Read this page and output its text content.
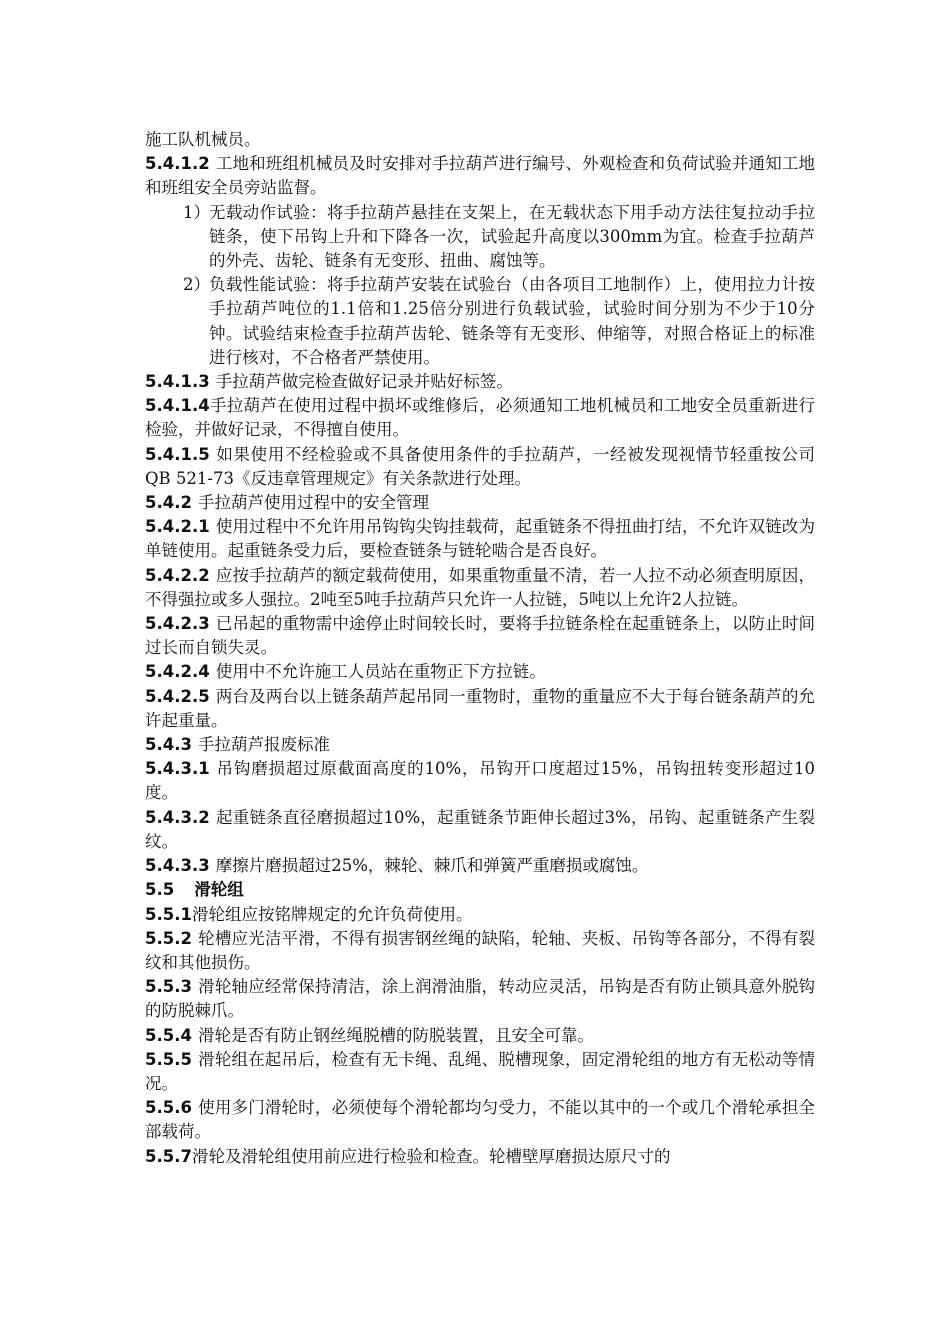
施工队机械员。

5.4.1.2 工地和班组机械员及时安排对手拉葫芦进行编号、外观检查和负荷试验并通知工地和班组安全员旁站监督。

1） 无载动作试验：将手拉葫芦悬挂在支架上，在无载状态下用手动方法往复拉动手拉链条，使下吊钩上升和下降各一次，试验起升高度以300mm为宜。检查手拉葫芦的外壳、齿轮、链条有无变形、扭曲、腐蚀等。
2） 负载性能试验：将手拉葫芦安装在试验台（由各项目工地制作）上，使用拉力计按手拉葫芦吨位的1.1倍和1.25倍分别进行负载试验，试验时间分别为不少于10分钟。试验结束检查手拉葫芦齿轮、链条等有无变形、伸缩等，对照合格证上的标准进行核对，不合格者严禁使用。

5.4.1.3 手拉葫芦做完检查做好记录并贴好标签。

5.4.1.4手拉葫芦在使用过程中损坏或维修后，必须通知工地机械员和工地安全员重新进行检验，并做好记录，不得擅自使用。

5.4.1.5 如果使用不经检验或不具备使用条件的手拉葫芦，一经被发现视情节轻重按公司QB 521-73《反违章管理规定》有关条款进行处理。

5.4.2 手拉葫芦使用过程中的安全管理

5.4.2.1 使用过程中不允许用吊钩钩尖钩挂载荷，起重链条不得扭曲打结，不允许双链改为单链使用。起重链条受力后，要检查链条与链轮啮合是否良好。

5.4.2.2 应按手拉葫芦的额定载荷使用，如果重物重量不清，若一人拉不动必须查明原因，不得强拉或多人强拉。2吨至5吨手拉葫芦只允许一人拉链，5吨以上允许2人拉链。

5.4.2.3 已吊起的重物需中途停止时间较长时，要将手拉链条栓在起重链条上，以防止时间过长而自锁失灵。

5.4.2.4 使用中不允许施工人员站在重物正下方拉链。

5.4.2.5 两台及两台以上链条葫芦起吊同一重物时，重物的重量应不大于每台链条葫芦的允许起重量。

5.4.3 手拉葫芦报废标准

5.4.3.1 吊钩磨损超过原截面高度的10%，吊钩开口度超过15%，吊钩扭转变形超过10度。

5.4.3.2 起重链条直径磨损超过10%，起重链条节距伸长超过3%，吊钩、起重链条产生裂纹。

5.4.3.3 摩擦片磨损超过25%，棘轮、棘爪和弹簧严重磨损或腐蚀。

5.5 滑轮组

5.5.1滑轮组应按铭牌规定的允许负荷使用。

5.5.2 轮槽应光洁平滑，不得有损害钢丝绳的缺陷，轮轴、夹板、吊钩等各部分，不得有裂纹和其他损伤。

5.5.3 滑轮轴应经常保持清洁，涂上润滑油脂，转动应灵活，吊钩是否有防止锁具意外脱钩的防脱棘爪。

5.5.4 滑轮是否有防止钢丝绳脱槽的防脱装置，且安全可靠。

5.5.5 滑轮组在起吊后，检查有无卡绳、乱绳、脱槽现象，固定滑轮组的地方有无松动等情况。

5.5.6 使用多门滑轮时，必须使每个滑轮都均匀受力，不能以其中的一个或几个滑轮承担全部载荷。

5.5.7滑轮及滑轮组使用前应进行检验和检查。轮槽壁厚磨损达原尺寸的
